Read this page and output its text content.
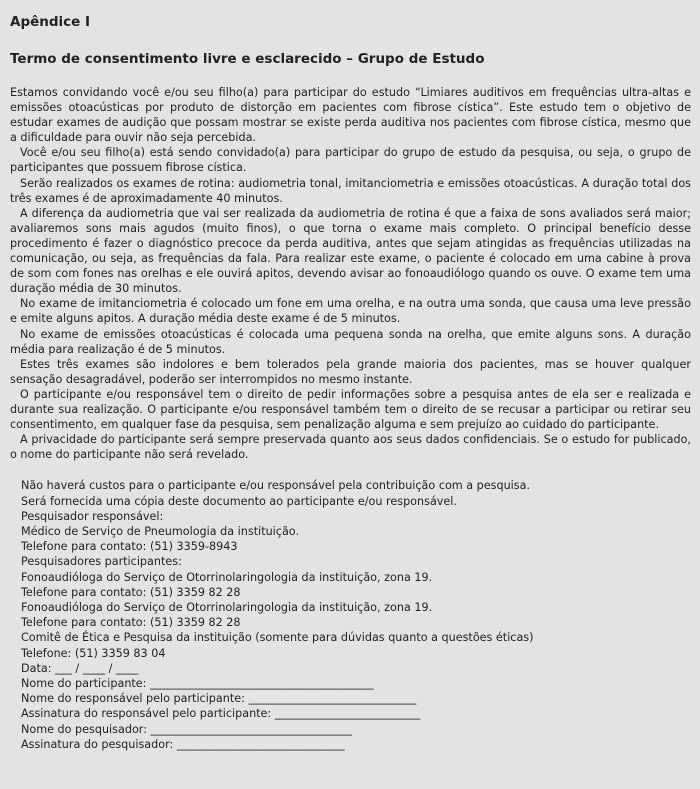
Apêndice I
Termo de consentimento livre e esclarecido – Grupo de Estudo

Estamos convidando você e/ou seu filho(a) para participar do estudo “Limiares auditivos em frequências ultra-altas e emissões otoacústicas por produto de distorção em pacientes com fibrose cística”. Este estudo tem o objetivo de estudar exames de audição que possam mostrar se existe perda auditiva nos pacientes com fibrose cística, mesmo que a dificuldade para ouvir não seja percebida.

Você e/ou seu filho(a) está sendo convidado(a) para participar do grupo de estudo da pesquisa, ou seja, o grupo de participantes que possuem fibrose cística.

Serão realizados os exames de rotina: audiometria tonal, imitanciometria e emissões otoacústicas. A duração total dos três exames é de aproximadamente 40 minutos.

A diferença da audiometria que vai ser realizada da audiometria de rotina é que a faixa de sons avaliados será maior; avaliaremos sons mais agudos (muito finos), o que torna o exame mais completo. O principal benefício desse procedimento é fazer o diagnóstico precoce da perda auditiva, antes que sejam atingidas as frequências utilizadas na comunicação, ou seja, as frequências da fala. Para realizar este exame, o paciente é colocado em uma cabine à prova de som com fones nas orelhas e ele ouvirá apitos, devendo avisar ao fonoaudiólogo quando os ouve. O exame tem uma duração média de 30 minutos.

No exame de imitanciometria é colocado um fone em uma orelha, e na outra uma sonda, que causa uma leve pressão e emite alguns apitos. A duração média deste exame é de 5 minutos.

No exame de emissões otoacústicas é colocada uma pequena sonda na orelha, que emite alguns sons. A duração média para realização é de 5 minutos.

Estes três exames são indolores e bem tolerados pela grande maioria dos pacientes, mas se houver qualquer sensação desagradável, poderão ser interrompidos no mesmo instante.

O participante e/ou responsável tem o direito de pedir informações sobre a pesquisa antes de ela ser e realizada e durante sua realização. O participante e/ou responsável também tem o direito de se recusar a participar ou retirar seu consentimento, em qualquer fase da pesquisa, sem penalização alguma e sem prejuízo ao cuidado do participante.

A privacidade do participante será sempre preservada quanto aos seus dados confidenciais. Se o estudo for publicado, o nome do participante não será revelado.

Não haverá custos para o participante e/ou responsável pela contribuição com a pesquisa.
Será fornecida uma cópia deste documento ao participante e/ou responsável.
Pesquisador responsável:
Médico de Serviço de Pneumologia da instituição.
Telefone para contato: (51) 3359-8943
Pesquisadores participantes:
Fonoaudióloga do Serviço de Otorrinolaringologia da instituição, zona 19.
Telefone para contato: (51) 3359 82 28
Fonoaudióloga do Serviço de Otorrinolaringologia da instituição, zona 19.
Telefone para contato: (51) 3359 82 28
Comitê de Ética e Pesquisa da instituição (somente para dúvidas quanto a questões éticas)
Telefone: (51) 3359 83 04
Data: ___ / ____ / ____
Nome do participante: ________________________________________
Nome do responsável pelo participante: ______________________________
Assinatura do responsável pelo participante: __________________________
Nome do pesquisador: ____________________________________
Assinatura do pesquisador: ______________________________
